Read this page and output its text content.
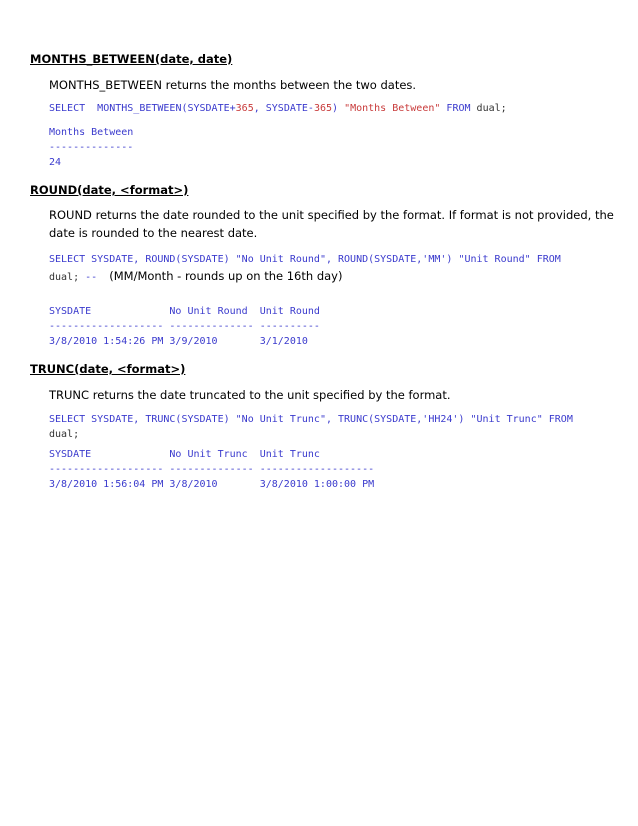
MONTHS_BETWEEN(date, date)
MONTHS_BETWEEN returns the months between the two dates.
SELECT MONTHS_BETWEEN(SYSDATE+365, SYSDATE-365) "Months Between" FROM dual;
Months Between
--------------
24
ROUND(date, <format>)
ROUND returns the date rounded to the unit specified by the format. If format is not provided, the date is rounded to the nearest date.
SELECT SYSDATE, ROUND(SYSDATE) "No Unit Round", ROUND(SYSDATE,'MM') "Unit Round" FROM
dual; -- (MM/Month - rounds up on the 16th day)
SYSDATE             No Unit Round  Unit Round
------------------- -------------- ----------
3/8/2010 1:54:26 PM 3/9/2010       3/1/2010
TRUNC(date, <format>)
TRUNC returns the date truncated to the unit specified by the format.
SELECT SYSDATE, TRUNC(SYSDATE) "No Unit Trunc", TRUNC(SYSDATE,'HH24') "Unit Trunc" FROM
dual;
SYSDATE             No Unit Trunc  Unit Trunc
------------------- -------------- -------------------
3/8/2010 1:56:04 PM 3/8/2010       3/8/2010 1:00:00 PM
